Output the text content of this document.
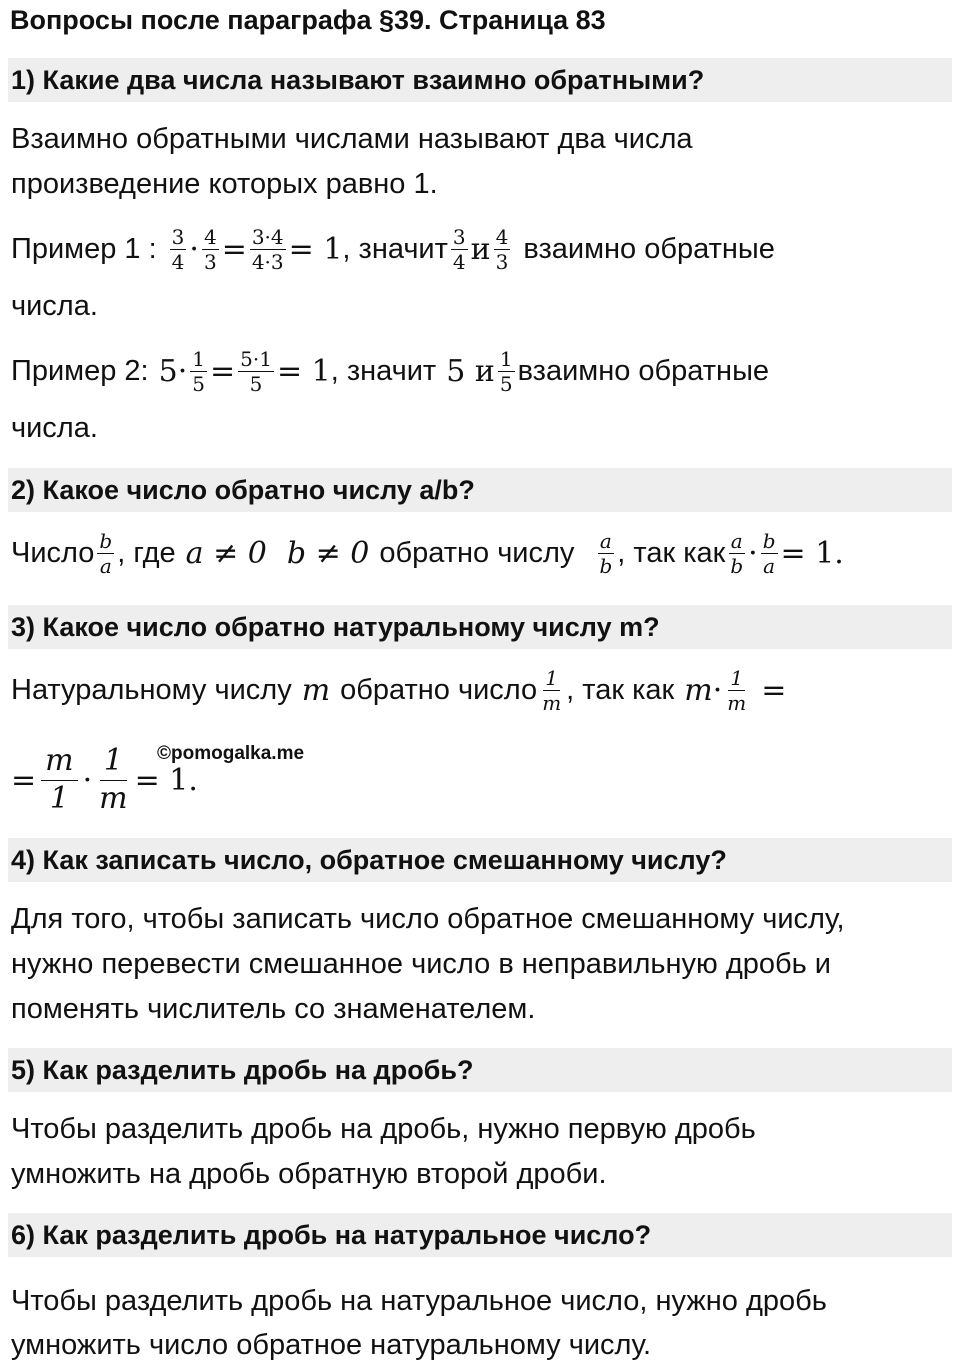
Вопросы после параграфа §39. Страница 83
1) Какие два числа называют взаимно обратными?
Взаимно обратными числами называют два числа
произведение которых равно 1.
Пример 1 : $\frac{3}{4} \cdot \frac{4}{3} = \frac{3\cdot 4}{4\cdot 3} = 1$ , значит $\frac{3}{4}$ и $\frac{4}{3}$ взаимно обратные
числа.
Пример 2: $5 \cdot \frac{1}{5} = \frac{5\cdot 1}{5} = 1$ , значит 5 и $\frac{1}{5}$ взаимно обратные
числа.
2) Какое число обратно числу a/b?
Число $\frac{b}{a}$ , где a ≠ 0 b ≠ 0 обратно числу $\frac{a}{b}$ , так как $\frac{a}{b} \cdot \frac{b}{a} = 1$.
3) Какое число обратно натуральному числу m?
Натуральному числу m обратно число $\frac{1}{m}$ , так как $m \cdot \frac{1}{m}$ =
= $\frac{m}{1} \cdot \frac{1}{m} = 1$.
©pomogalka.me
4) Как записать число, обратное смешанному числу?
Для того, чтобы записать число обратное смешанному числу,
нужно перевести смешанное число в неправильную дробь и
поменять числитель со знаменателем.
5) Как разделить дробь на дробь?
Чтобы разделить дробь на дробь, нужно первую дробь
умножить на дробь обратную второй дроби.
6) Как разделить дробь на натуральное число?
Чтобы разделить дробь на натуральное число, нужно дробь
умножить число обратное натуральному числу.
